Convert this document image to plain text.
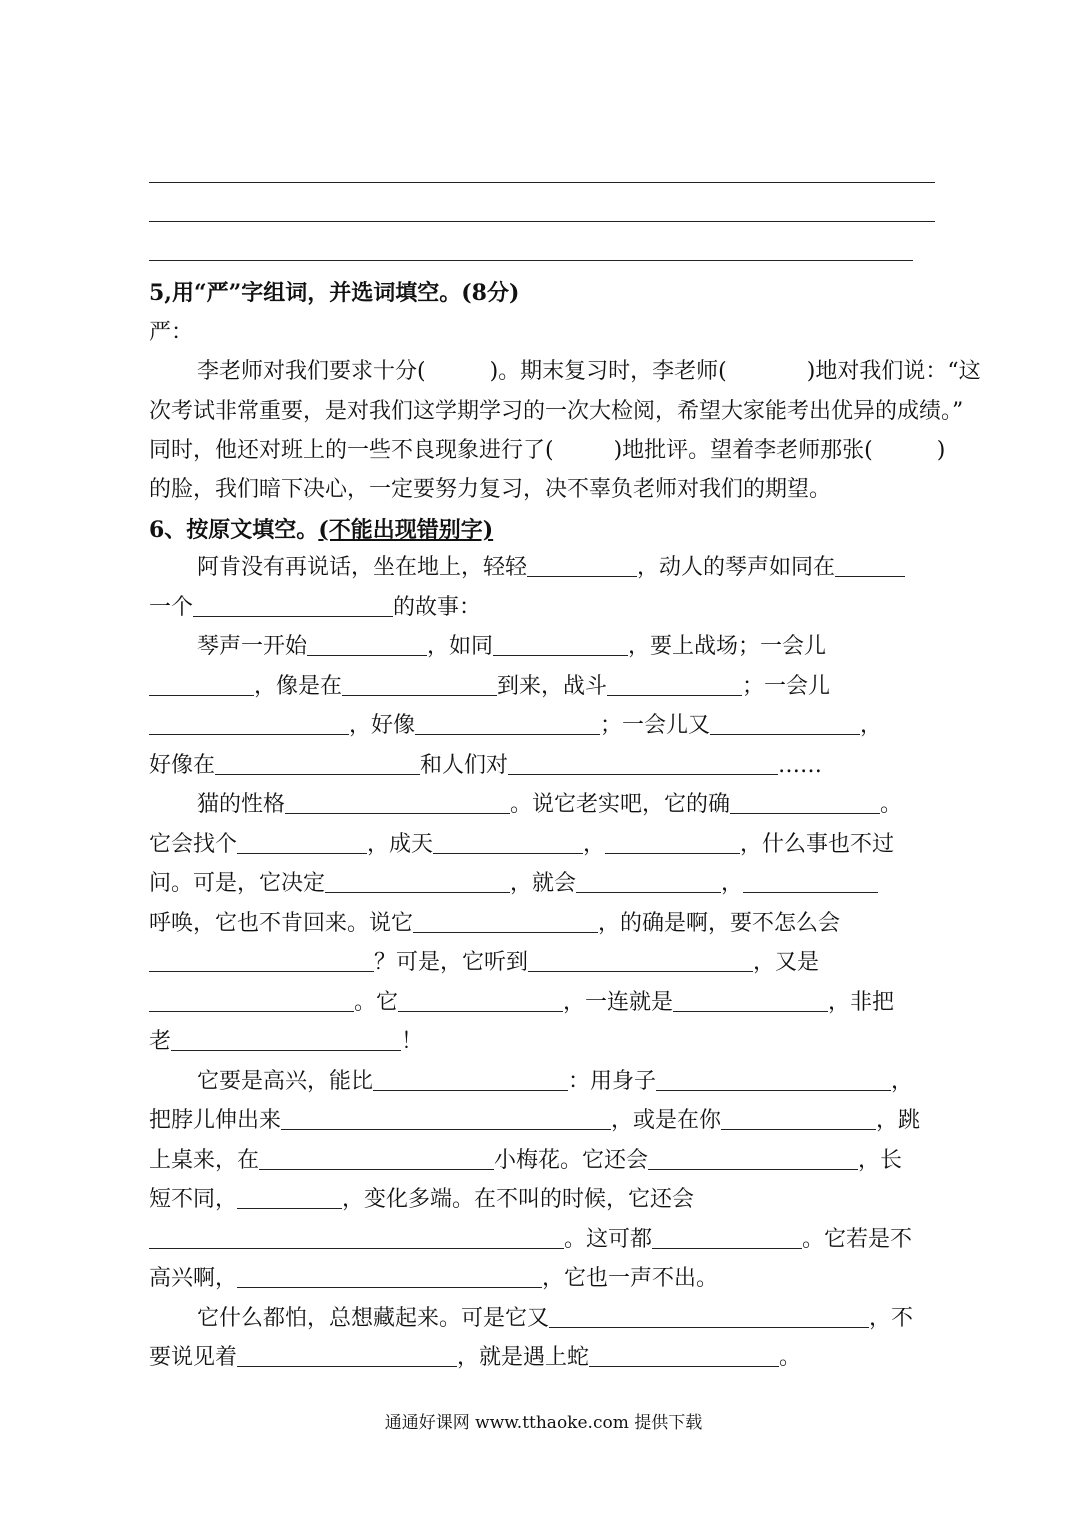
5,用“严”字组词，并选词填空。(8分)
严：
李老师对我们要求十分(	)。期末复习时，李老师(	)地对我们说：“这
次考试非常重要，是对我们这学期学习的一次大检阅，希望大家能考出优异的成绩。”
同时，他还对班上的一些不良现象进行了(	)地批评。望着李老师那张(	)
的脸，我们暗下决心，一定要努力复习，决不辜负老师对我们的期望。
6、按原文填空。(不能出现错别字)
阿肯没有再说话，坐在地上，轻轻	，动人的琴声如同在
一个	的故事：
琴声一开始	，如同	，要上战场；一会儿
，像是在	到来，战斗	；一会儿
，好像	；一会儿又	，
好像在	和人们对	……
猫的性格	。说它老实吧，它的确	。
它会找个	，成天	，	，什么事也不过
问。可是，它决定	，就会	，
呼唤，它也不肯回来。说它	，的确是啊，要不怎么会
？可是，它听到	，又是
。它	，一连就是	，非把
老	！
它要是高兴，能比	：用身子	，
把脖儿伸出来	，或是在你	，跳
上桌来，在	小梅花。它还会	，长
短不同，	，变化多端。在不叫的时候，它还会
。这可都	。它若是不
高兴啊，	，它也一声不出。
它什么都怕，总想藏起来。可是它又	，不
要说见着	，就是遇上蛇	。
通通好课网 www.tthaoke.com 提供下载
